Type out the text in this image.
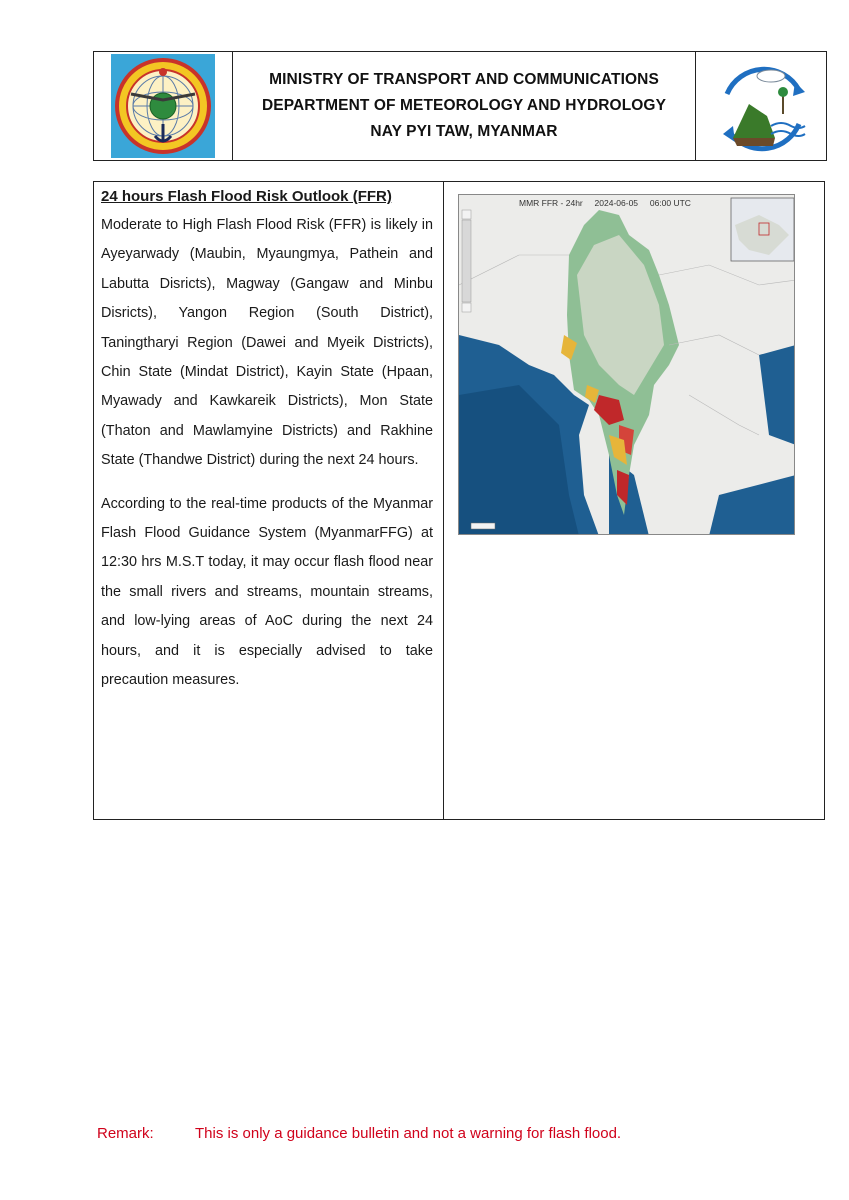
MINISTRY OF TRANSPORT AND COMMUNICATIONS
DEPARTMENT OF METEOROLOGY AND HYDROLOGY
NAY PYI TAW, MYANMAR
24 hours Flash Flood Risk Outlook (FFR)

Moderate to High Flash Flood Risk (FFR) is likely in Ayeyarwady (Maubin, Myaungmya, Pathein and Labutta Disricts), Magway (Gangaw and Minbu Disricts), Yangon Region (South District), Taningtharyi Region (Dawei and Myeik Districts), Chin State (Mindat District), Kayin State (Hpaan, Myawady and Kawkareik Districts), Mon State (Thaton and Mawlamyine Districts) and Rakhine State (Thandwe District) during the next 24 hours.

According to the real-time products of the Myanmar Flash Flood Guidance System (MyanmarFFG) at 12:30 hrs M.S.T today, it may occur flash flood near the small rivers and streams, mountain streams, and low-lying areas of AoC during the next 24 hours, and it is especially advised to take precaution measures.

MMR FFR - 24hr     2024-06-05     06:00 UTC
Remark:	This is only a guidance bulletin and not a warning for flash flood.
